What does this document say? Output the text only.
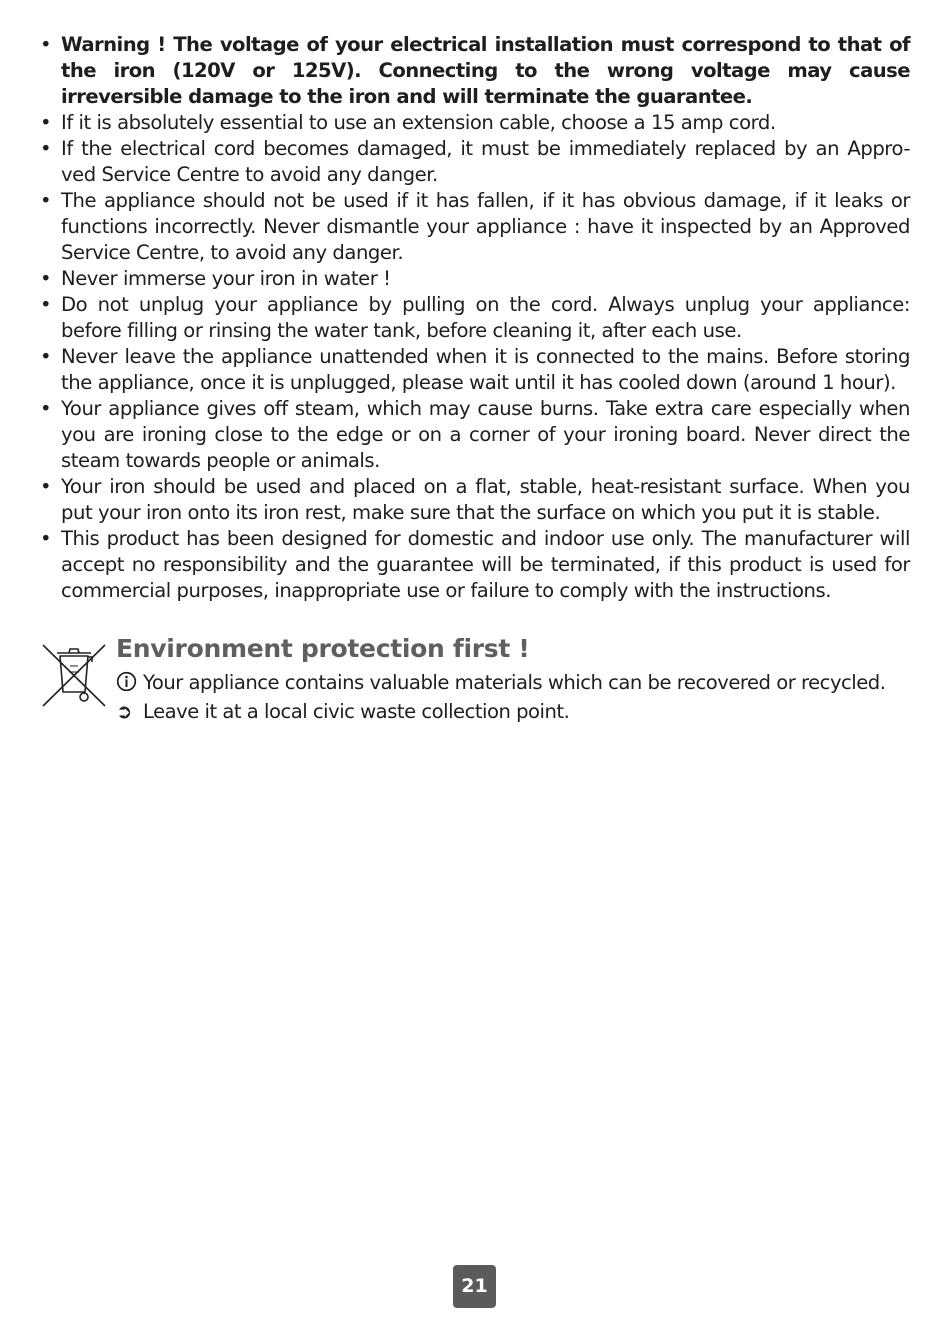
• Warning ! The voltage of your electrical installation must correspond to that of the iron (120V or 125V). Connecting to the wrong voltage may cause irreversible damage to the iron and will terminate the guarantee.
• If it is absolutely essential to use an extension cable, choose a 15 amp cord.
• If the electrical cord becomes damaged, it must be immediately replaced by an Appro-ved Service Centre to avoid any danger.
• The appliance should not be used if it has fallen, if it has obvious damage, if it leaks or functions incorrectly. Never dismantle your appliance : have it inspected by an Approved Service Centre, to avoid any danger.
• Never immerse your iron in water !
• Do not unplug your appliance by pulling on the cord. Always unplug your appliance: before filling or rinsing the water tank, before cleaning it, after each use.
• Never leave the appliance unattended when it is connected to the mains. Before storing the appliance, once it is unplugged, please wait until it has cooled down (around 1 hour).
• Your appliance gives off steam, which may cause burns. Take extra care especially when you are ironing close to the edge or on a corner of your ironing board. Never direct the steam towards people or animals.
• Your iron should be used and placed on a flat, stable, heat-resistant surface. When you put your iron onto its iron rest, make sure that the surface on which you put it is stable.
• This product has been designed for domestic and indoor use only. The manufacturer will accept no responsibility and the guarantee will be terminated, if this product is used for commercial purposes, inappropriate use or failure to comply with the instructions.
Environment protection first !

Your appliance contains valuable materials which can be recovered or recycled.

➲ Leave it at a local civic waste collection point.

21
